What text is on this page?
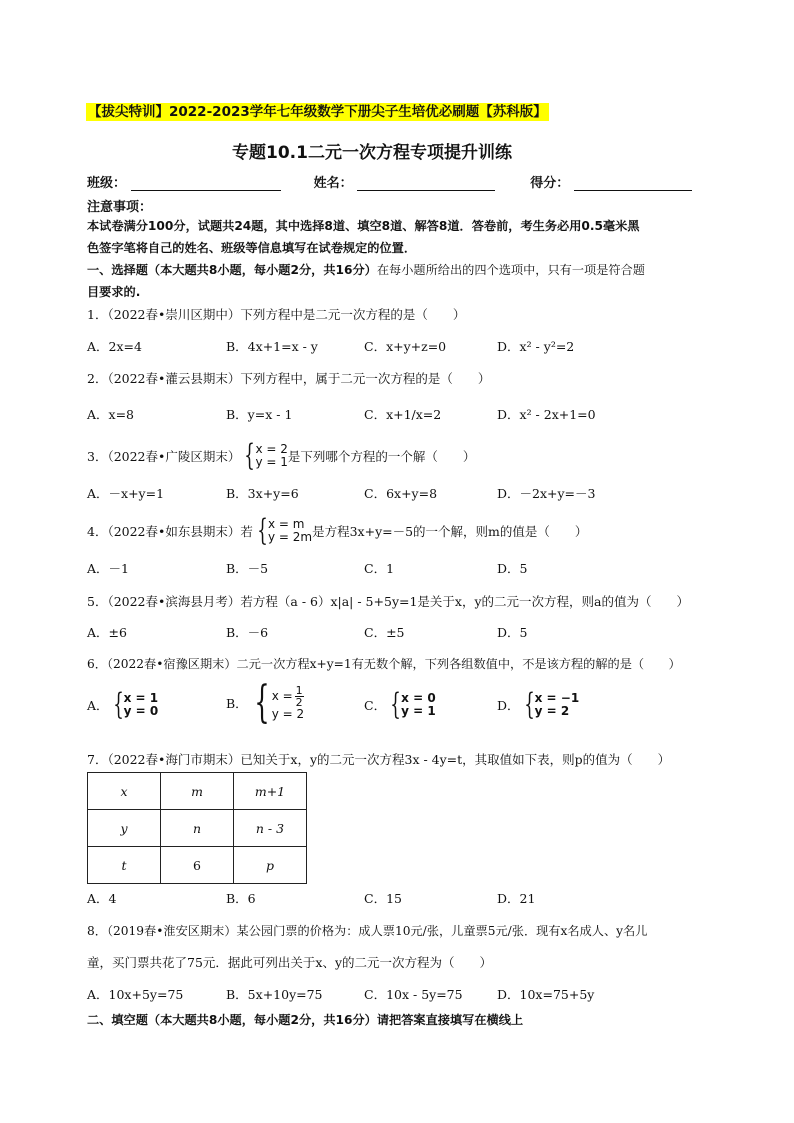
【拔尖特训】2022-2023学年七年级数学下册尖子生培优必刷题【苏科版】
专题10.1二元一次方程专项提升训练
班级：	姓名：	得分：
注意事项：
本试卷满分100分，试题共24题，其中选择8道、填空8道、解答8道．答卷前，考生务必用0.5毫米黑
色签字笔将自己的姓名、班级等信息填写在试卷规定的位置．
一、选择题（本大题共8小题，每小题2分，共16分）在每小题所给出的四个选项中，只有一项是符合题
目要求的.
1．（2022春•崇川区期中）下列方程中是二元一次方程的是（　　）
A．2x=4	B．4x+1=x - y	C．x+y+z=0	D．x² - y²=2
2．（2022春•灌云县期末）下列方程中，属于二元一次方程的是（　　）
A．x=8	B．y=x - 1	C．x+1/x=2	D．x² - 2x+1=0
3．（2022春•广陵区期末） { x = 2
y = 1 是下列哪个方程的一个解（　　）
A．－x+y=1	B．3x+y=6	C．6x+y=8	D．－2x+y=－3
4．（2022春•如东县期末）若 { x = m
y = 2m 是方程3x+y=－5的一个解，则m的值是（　　）
A．－1	B．－5	C．1	D．5
5．（2022春•滨海县月考）若方程（a - 6）x|a| - 5+5y=1是关于x，y的二元一次方程，则a的值为（　　）
A．±6	B．－6	C．±5	D．5
6．（2022春•宿豫区期末）二元一次方程x+y=1有无数个解，下列各组数值中，不是该方程的解的是（　　）
A． { x = 1
y = 0	B． { $x = \frac{1}{2}$
y = 2
C． { x = 0
y = 1	D． { x = −1
y = 2
7．（2022春•海门市期末）已知关于x，y的二元一次方程3x - 4y=t，其取值如下表，则p的值为（　　）
x	m	m+1
y	n	n - 3
t	6	p
A．4	B．6	C．15	D．21
8．（2019春•淮安区期末）某公园门票的价格为：成人票10元/张，儿童票5元/张．现有x名成人、y名儿
童，买门票共花了75元．据此可列出关于x、y的二元一次方程为（　　）
A．10x+5y=75	B．5x+10y=75	C．10x - 5y=75	D．10x=75+5y
二、填空题（本大题共8小题，每小题2分，共16分）请把答案直接填写在横线上
